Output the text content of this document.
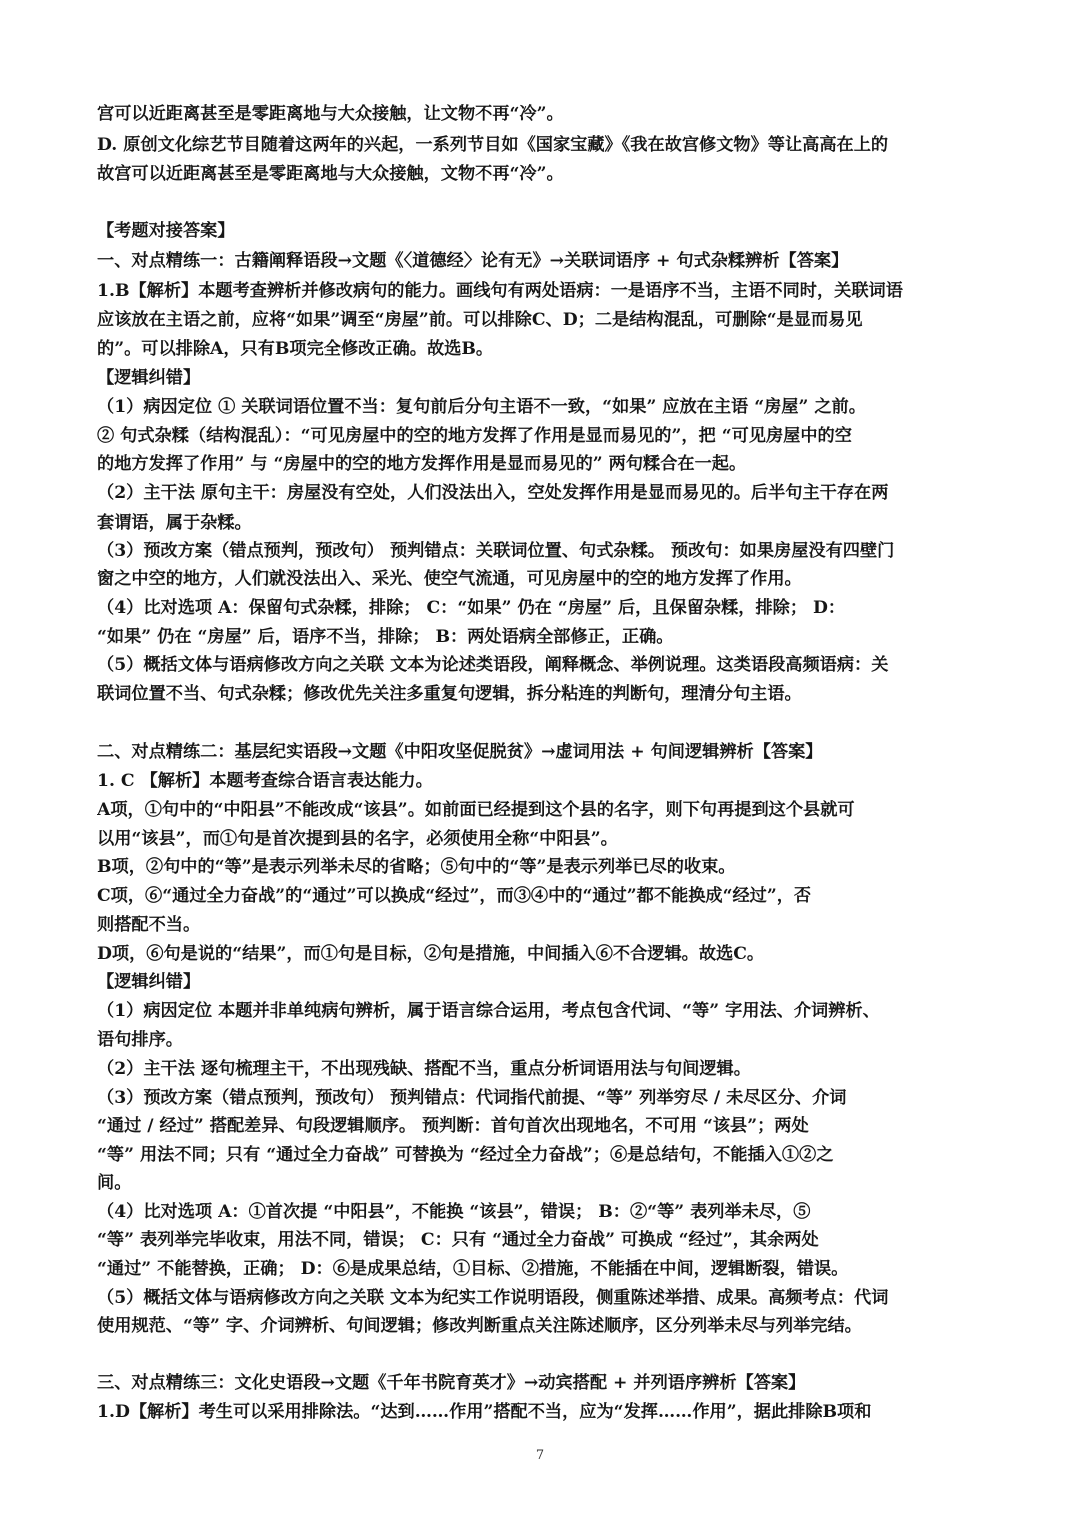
宫可以近距离甚至是零距离地与大众接触，让文物不再“冷”。
D. 原创文化综艺节目随着这两年的兴起，一系列节目如《国家宝藏》《我在故宫修文物》等让高高在上的
故宫可以近距离甚至是零距离地与大众接触，文物不再“冷”。
【考题对接答案】
一、对点精练一：古籍阐释语段→文题《〈道德经〉论有无》→关联词语序 + 句式杂糅辨析【答案】
1.B【解析】本题考查辨析并修改病句的能力。画线句有两处语病：一是语序不当，主语不同时，关联词语
应该放在主语之前，应将“如果”调至“房屋”前。可以排除C、D；二是结构混乱，可删除“是显而易见
的”。可以排除A，只有B项完全修改正确。故选B。
【逻辑纠错】
（1）病因定位 ① 关联词语位置不当：复句前后分句主语不一致，“如果” 应放在主语 “房屋” 之前。
② 句式杂糅（结构混乱）：“可见房屋中的空的地方发挥了作用是显而易见的”，把 “可见房屋中的空
的地方发挥了作用” 与 “房屋中的空的地方发挥作用是显而易见的” 两句糅合在一起。
（2）主干法 原句主干：房屋没有空处，人们没法出入，空处发挥作用是显而易见的。后半句主干存在两
套谓语，属于杂糅。
（3）预改方案（错点预判，预改句） 预判错点：关联词位置、句式杂糅。 预改句：如果房屋没有四壁门
窗之中空的地方，人们就没法出入、采光、使空气流通，可见房屋中的空的地方发挥了作用。
（4）比对选项 A：保留句式杂糅，排除； C：“如果” 仍在 “房屋” 后，且保留杂糅，排除； D：
“如果” 仍在 “房屋” 后，语序不当，排除； B：两处语病全部修正，正确。
（5）概括文体与语病修改方向之关联 文本为论述类语段，阐释概念、举例说理。这类语段高频语病：关
联词位置不当、句式杂糅；修改优先关注多重复句逻辑，拆分粘连的判断句，理清分句主语。
二、对点精练二：基层纪实语段→文题《中阳攻坚促脱贫》→虚词用法 + 句间逻辑辨析【答案】
1. C 【解析】本题考查综合语言表达能力。
A项，①句中的“中阳县”不能改成“该县”。如前面已经提到这个县的名字，则下句再提到这个县就可
以用“该县”，而①句是首次提到县的名字，必须使用全称“中阳县”。
B项，②句中的“等”是表示列举未尽的省略；⑤句中的“等”是表示列举已尽的收束。
C项，⑥“通过全力奋战”的“通过”可以换成“经过”，而③④中的“通过”都不能换成“经过”，否
则搭配不当。
D项，⑥句是说的“结果”，而①句是目标，②句是措施，中间插入⑥不合逻辑。故选C。
【逻辑纠错】
（1）病因定位 本题并非单纯病句辨析，属于语言综合运用，考点包含代词、“等” 字用法、介词辨析、
语句排序。
（2）主干法 逐句梳理主干，不出现残缺、搭配不当，重点分析词语用法与句间逻辑。
（3）预改方案（错点预判，预改句） 预判错点：代词指代前提、“等” 列举穷尽 / 未尽区分、介词
“通过 / 经过” 搭配差异、句段逻辑顺序。 预判断：首句首次出现地名，不可用 “该县”；两处
“等” 用法不同；只有 “通过全力奋战” 可替换为 “经过全力奋战”；⑥是总结句，不能插入①②之
间。
（4）比对选项 A：①首次提 “中阳县”，不能换 “该县”，错误； B：②“等” 表列举未尽，⑤
“等” 表列举完毕收束，用法不同，错误； C：只有 “通过全力奋战” 可换成 “经过”，其余两处
“通过” 不能替换，正确； D：⑥是成果总结，①目标、②措施，不能插在中间，逻辑断裂，错误。
（5）概括文体与语病修改方向之关联 文本为纪实工作说明语段，侧重陈述举措、成果。高频考点：代词
使用规范、“等” 字、介词辨析、句间逻辑；修改判断重点关注陈述顺序，区分列举未尽与列举完结。
三、对点精练三：文化史语段→文题《千年书院育英才》→动宾搭配 + 并列语序辨析【答案】
1.D【解析】考生可以采用排除法。“达到……作用”搭配不当，应为“发挥……作用”，据此排除B项和
7
